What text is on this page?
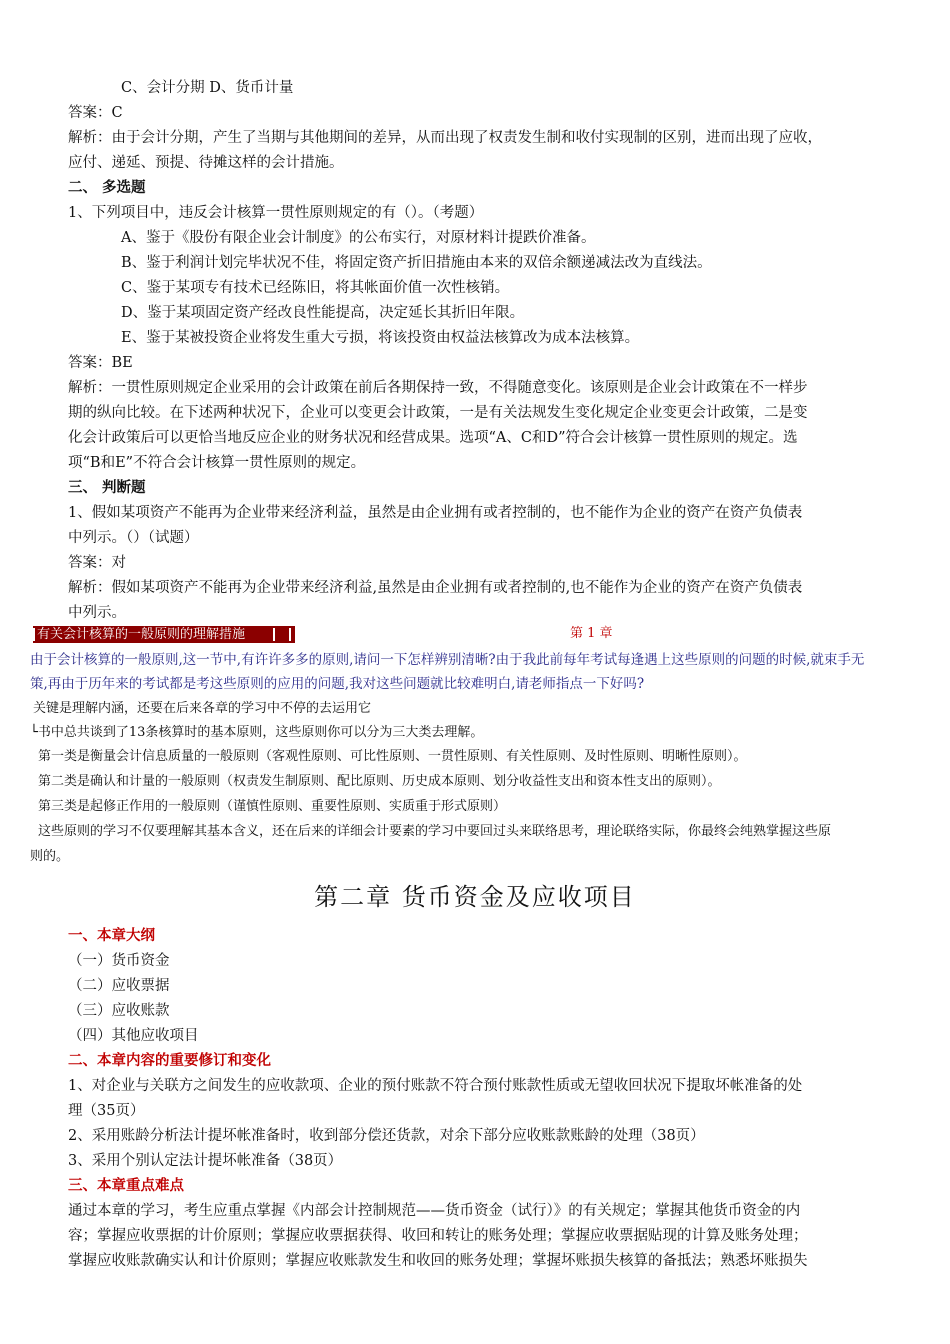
C、会计分期 D、货币计量
答案：C
解析：由于会计分期，产生了当期与其他期间的差异，从而出现了权责发生制和收付实现制的区别，进而出现了应收，
应付、递延、预提、待摊这样的会计措施。
二、 多选题
1、下列项目中，违反会计核算一贯性原则规定的有（）。（考题）
A、鉴于《股份有限企业会计制度》的公布实行，对原材料计提跌价准备。
B、鉴于利润计划完毕状况不佳，将固定资产折旧措施由本来的双倍余额递减法改为直线法。
C、鉴于某项专有技术已经陈旧，将其帐面价值一次性核销。
D、鉴于某项固定资产经改良性能提高，决定延长其折旧年限。
E、鉴于某被投资企业将发生重大亏损，将该投资由权益法核算改为成本法核算。
答案：BE
解析：一贯性原则规定企业采用的会计政策在前后各期保持一致，不得随意变化。该原则是企业会计政策在不一样步
期的纵向比较。在下述两种状况下，企业可以变更会计政策，一是有关法规发生变化规定企业变更会计政策，二是变
化会计政策后可以更恰当地反应企业的财务状况和经营成果。选项“A、C和D”符合会计核算一贯性原则的规定。选
项“B和E”不符合会计核算一贯性原则的规定。
三、 判断题
1、假如某项资产不能再为企业带来经济利益，虽然是由企业拥有或者控制的，也不能作为企业的资产在资产负债表
中列示。（）（试题）
答案：对
解析：假如某项资产不能再为企业带来经济利益,虽然是由企业拥有或者控制的,也不能作为企业的资产在资产负债表
中列示。
有关会计核算的一般原则的理解措施	第 1 章
由于会计核算的一般原则,这一节中,有许许多多的原则,请问一下怎样辨别清晰?由于我此前每年考试每逢遇上这些原则的问题的时候,就束手无
策,再由于历年来的考试都是考这些原则的应用的问题,我对这些问题就比较难明白,请老师指点一下好吗?
关键是理解内涵，还要在后来各章的学习中不停的去运用它
└书中总共谈到了13条核算时的基本原则，这些原则你可以分为三大类去理解。
第一类是衡量会计信息质量的一般原则（客观性原则、可比性原则、一贯性原则、有关性原则、及时性原则、明晰性原则）。
第二类是确认和计量的一般原则（权责发生制原则、配比原则、历史成本原则、划分收益性支出和资本性支出的原则）。
第三类是起修正作用的一般原则（谨慎性原则、重要性原则、实质重于形式原则）
这些原则的学习不仅要理解其基本含义，还在后来的详细会计要素的学习中要回过头来联络思考，理论联络实际，你最终会纯熟掌握这些原
则的。
第二章 货币资金及应收项目
一、本章大纲
（一）货币资金
（二）应收票据
（三）应收账款
（四）其他应收项目
二、本章内容的重要修订和变化
1、对企业与关联方之间发生的应收款项、企业的预付账款不符合预付账款性质或无望收回状况下提取坏帐准备的处
理（35页）
2、采用账龄分析法计提坏帐准备时，收到部分偿还货款，对余下部分应收账款账龄的处理（38页）
3、采用个别认定法计提坏帐准备（38页）
三、本章重点难点
通过本章的学习，考生应重点掌握《内部会计控制规范——货币资金（试行）》的有关规定；掌握其他货币资金的内
容；掌握应收票据的计价原则；掌握应收票据获得、收回和转让的账务处理；掌握应收票据贴现的计算及账务处理；
掌握应收账款确实认和计价原则；掌握应收账款发生和收回的账务处理；掌握坏账损失核算的备抵法；熟悉坏账损失
